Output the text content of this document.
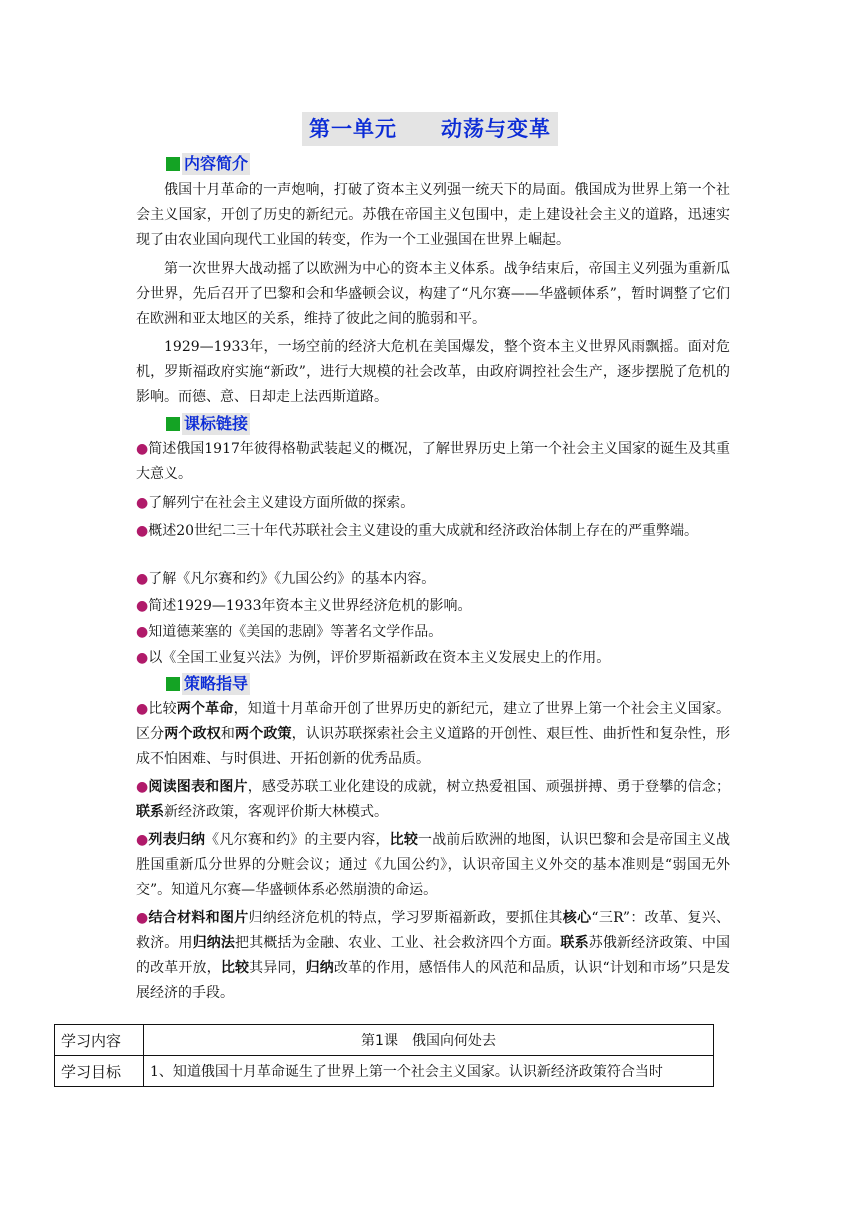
第一单元 动荡与变革
内容简介

俄国十月革命的一声炮响，打破了资本主义列强一统天下的局面。俄国成为世界上第一个社会主义国家，开创了历史的新纪元。苏俄在帝国主义包围中，走上建设社会主义的道路，迅速实现了由农业国向现代工业国的转变，作为一个工业强国在世界上崛起。

第一次世界大战动摇了以欧洲为中心的资本主义体系。战争结束后，帝国主义列强为重新瓜分世界，先后召开了巴黎和会和华盛顿会议，构建了“凡尔赛——华盛顿体系”，暂时调整了它们在欧洲和亚太地区的关系，维持了彼此之间的脆弱和平。

1929—1933年，一场空前的经济大危机在美国爆发，整个资本主义世界风雨飘摇。面对危机，罗斯福政府实施“新政”，进行大规模的社会改革，由政府调控社会生产，逐步摆脱了危机的影响。而德、意、日却走上法西斯道路。

课标链接

●简述俄国1917年彼得格勒武装起义的概况，了解世界历史上第一个社会主义国家的诞生及其重大意义。

●了解列宁在社会主义建设方面所做的探索。

●概述20世纪二三十年代苏联社会主义建设的重大成就和经济政治体制上存在的严重弊端。

●了解《凡尔赛和约》《九国公约》的基本内容。

●简述1929—1933年资本主义世界经济危机的影响。

●知道德莱塞的《美国的悲剧》等著名文学作品。

●以《全国工业复兴法》为例，评价罗斯福新政在资本主义发展史上的作用。

策略指导

●比较两个革命，知道十月革命开创了世界历史的新纪元，建立了世界上第一个社会主义国家。区分两个政权和两个政策，认识苏联探索社会主义道路的开创性、艰巨性、曲折性和复杂性，形成不怕困难、与时俱进、开拓创新的优秀品质。

●阅读图表和图片，感受苏联工业化建设的成就，树立热爱祖国、顽强拼搏、勇于登攀的信念；联系新经济政策，客观评价斯大林模式。

●列表归纳《凡尔赛和约》的主要内容，比较一战前后欧洲的地图，认识巴黎和会是帝国主义战胜国重新瓜分世界的分赃会议；通过《九国公约》，认识帝国主义外交的基本准则是“弱国无外交”。知道凡尔赛—华盛顿体系必然崩溃的命运。

●结合材料和图片归纳经济危机的特点，学习罗斯福新政，要抓住其核心“三R”：改革、复兴、救济。用归纳法把其概括为金融、农业、工业、社会救济四个方面。联系苏俄新经济政策、中国的改革开放，比较其异同，归纳改革的作用，感悟伟人的风范和品质，认识“计划和市场”只是发展经济的手段。

学习内容	第1课　俄国向何处去
学习目标	1、知道俄国十月革命诞生了世界上第一个社会主义国家。认识新经济政策符合当时
